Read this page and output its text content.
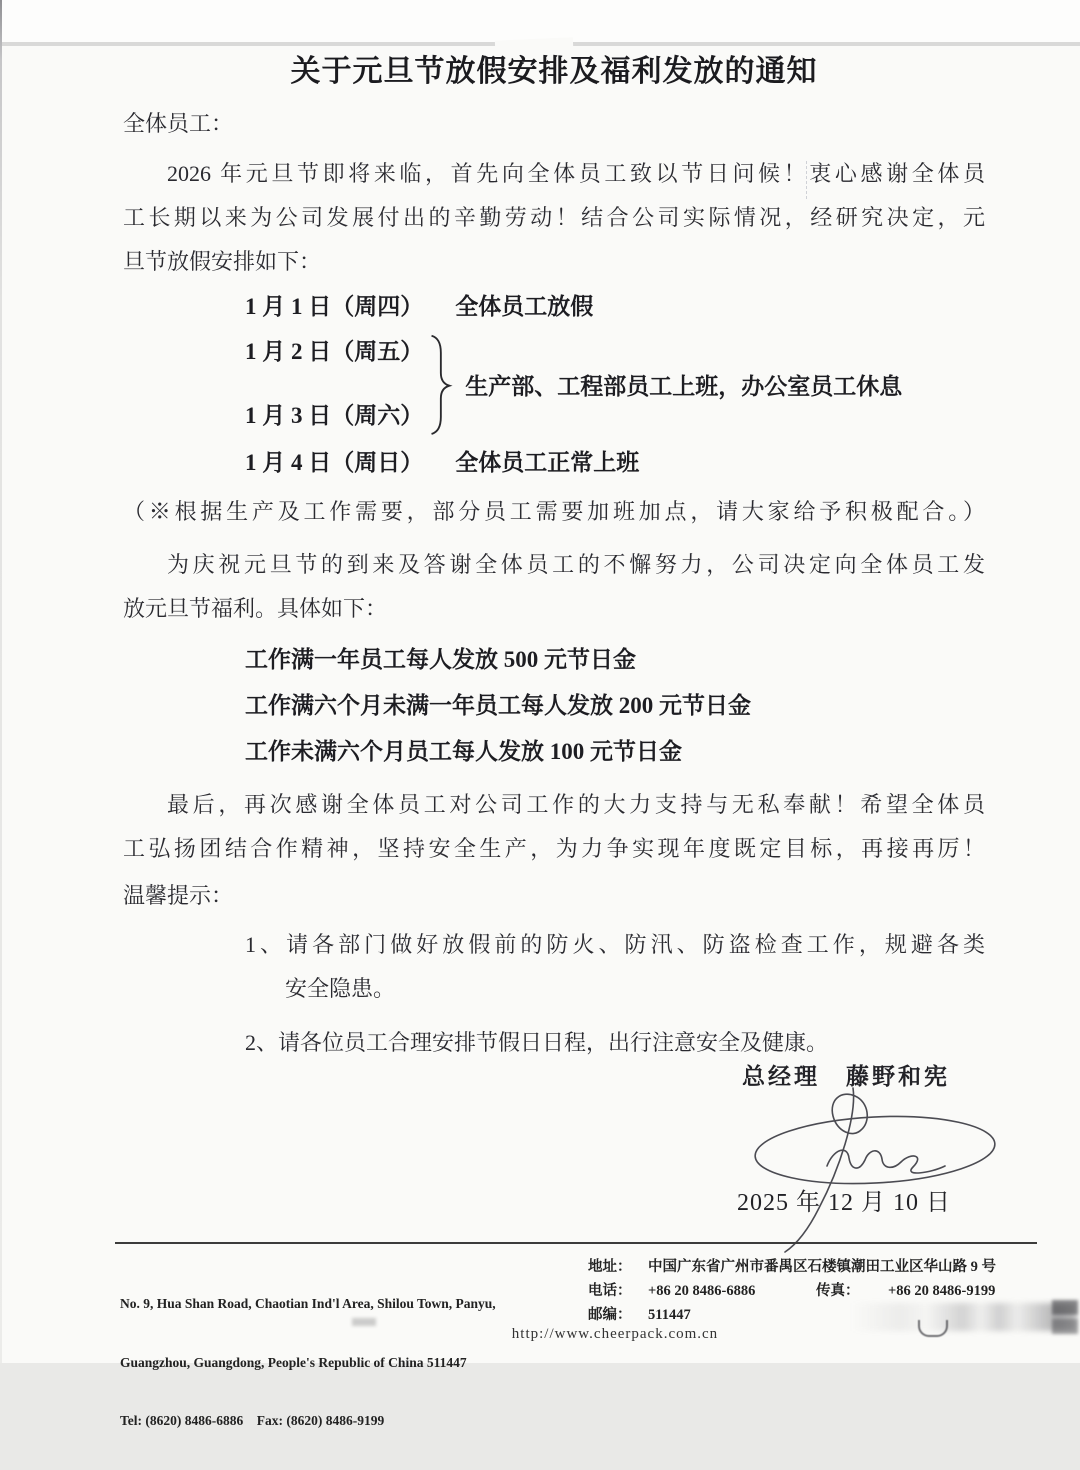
关于元旦节放假安排及福利发放的通知
全体员工：
2026 年元旦节即将来临，首先向全体员工致以节日问候！衷心感谢全体员
工长期以来为公司发展付出的辛勤劳动！结合公司实际情况，经研究决定，元
旦节放假安排如下：
1 月 1 日（周四） 全体员工放假
1 月 2 日（周五）
1 月 3 日（周六）
生产部、工程部员工上班，办公室员工休息
1 月 4 日（周日） 全体员工正常上班
（※根据生产及工作需要，部分员工需要加班加点，请大家给予积极配合。）
为庆祝元旦节的到来及答谢全体员工的不懈努力，公司决定向全体员工发
放元旦节福利。具体如下：
工作满一年员工每人发放 500 元节日金
工作满六个月未满一年员工每人发放 200 元节日金
工作未满六个月员工每人发放 100 元节日金
最后，再次感谢全体员工对公司工作的大力支持与无私奉献！希望全体员
工弘扬团结合作精神，坚持安全生产，为力争实现年度既定目标，再接再厉！
温馨提示：
1、请各部门做好放假前的防火、防汛、防盗检查工作，规避各类
安全隐患。
2、请各位员工合理安排节假日日程，出行注意安全及健康。
总经理　藤野和宪
2025 年 12 月 10 日

No. 9, Hua Shan Road, Chaotian Ind'l Area, Shilou Town, Panyu,

Guangzhou, Guangdong, People's Republic of China 511447

Tel: (8620) 8486-6886    Fax: (8620) 8486-9199

地址：	中国广东省广州市番禺区石楼镇潮田工业区华山路 9 号
电话：	+86 20 8486-6886	传真：	+86 20 8486-9199
邮编：	511447
http://www.cheerpack.com.cn
